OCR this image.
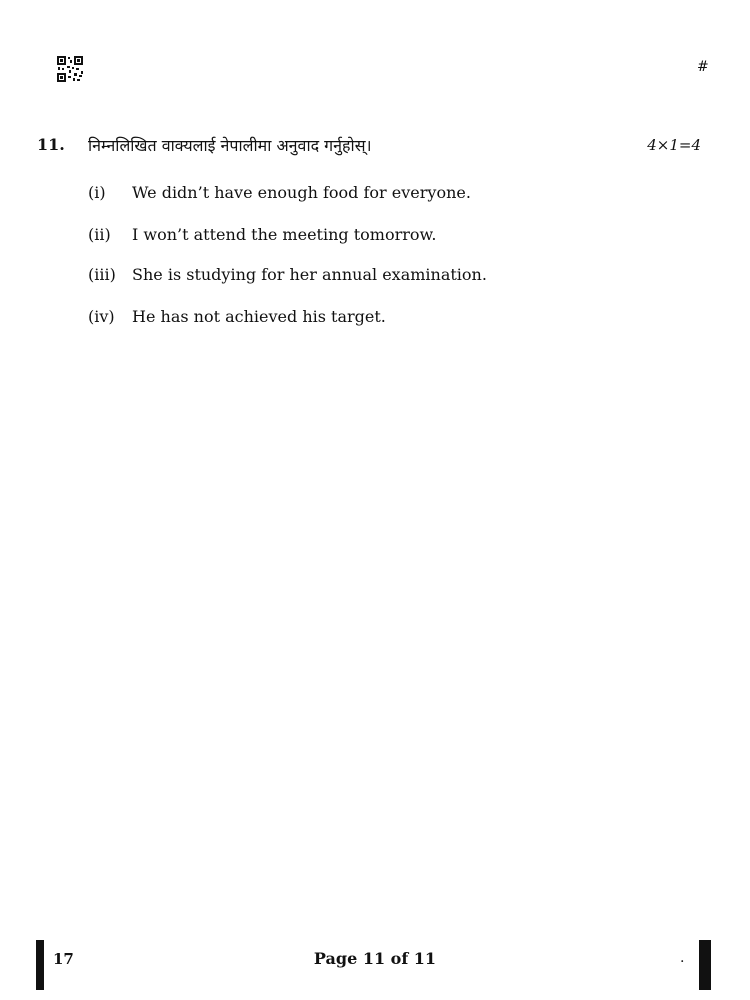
#
11. निम्नलिखित वाक्यलाई नेपालीमा अनुवाद गर्नुहोस्।	4×1=4
(i) We didn’t have enough food for everyone.
(ii) I won’t attend the meeting tomorrow.
(iii) She is studying for her annual examination.
(iv) He has not achieved his target.
17	Page 11 of 11	.
